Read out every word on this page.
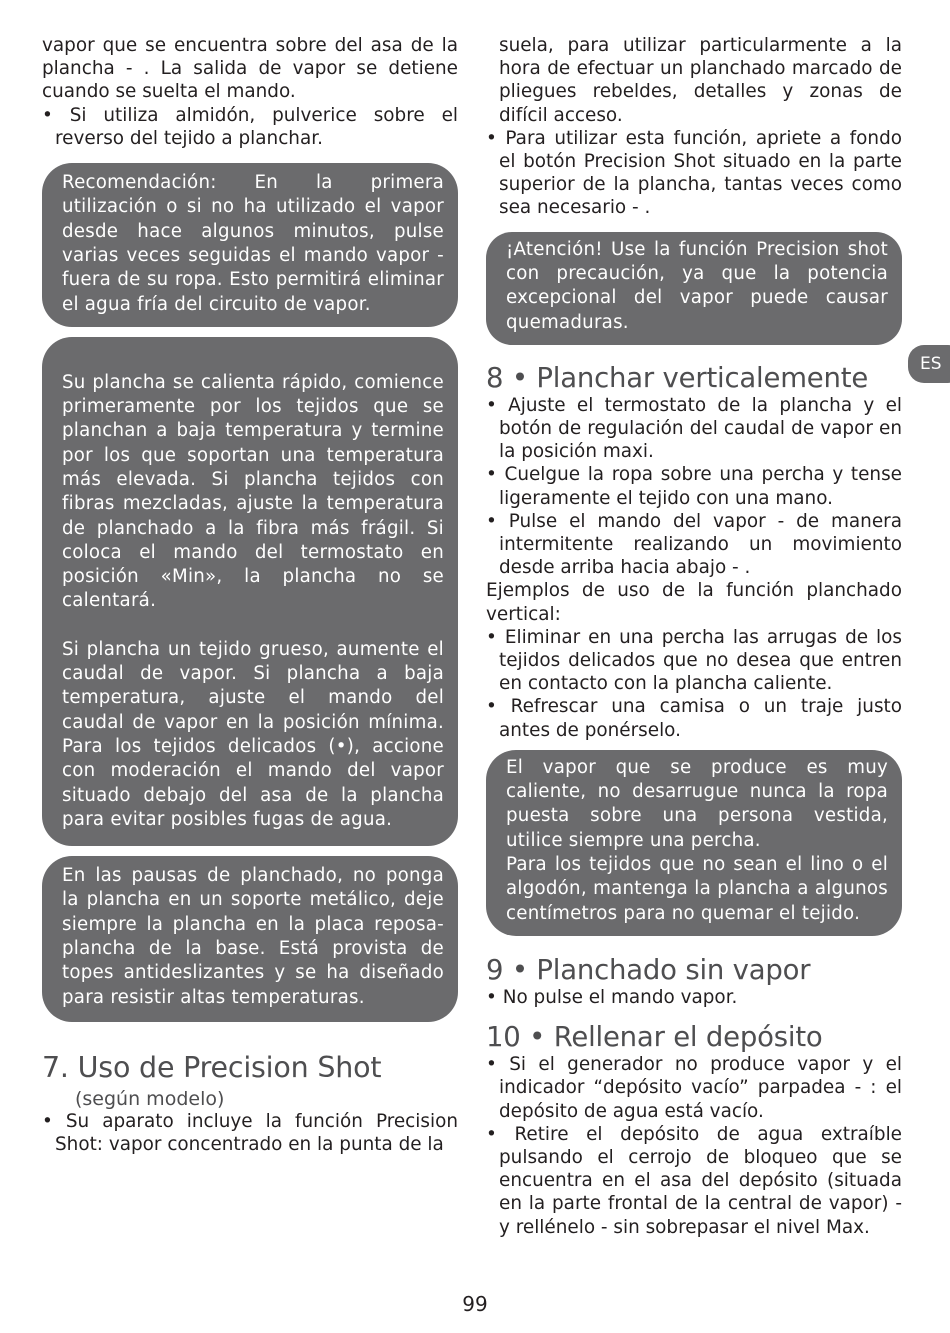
vapor que se encuentra sobre del asa de la plancha - . La salida de vapor se detiene cuando se suelta el mando.

• Si utiliza almidón, pulverice sobre el reverso del tejido a planchar.

Recomendación: En la primera utilización o si no ha utilizado el vapor desde hace algunos minutos, pulse varias veces seguidas el mando vapor - fuera de su ropa. Esto permitirá eliminar el agua fría del circuito de vapor.

Su plancha se calienta rápido, comience primeramente por los tejidos que se planchan a baja temperatura y termine por los que soportan una temperatura más elevada. Si plancha tejidos con fibras mezcladas, ajuste la temperatura de planchado a la fibra más frágil. Si coloca el mando del termostato en posición «Min», la plancha no se calentará.

Si plancha un tejido grueso, aumente el caudal de vapor. Si plancha a baja temperatura, ajuste el mando del caudal de vapor en la posición mínima. Para los tejidos delicados (•), accione con moderación el mando del vapor situado debajo del asa de la plancha para evitar posibles fugas de agua.

En las pausas de planchado, no ponga la plancha en un soporte metálico, deje siempre la plancha en la placa reposa-plancha de la base. Está provista de topes antideslizantes y se ha diseñado para resistir altas temperaturas.

7. Uso de Precision Shot
(según modelo)

• Su aparato incluye la función Precision Shot: vapor concentrado en la punta de la

suela, para utilizar particularmente a la hora de efectuar un planchado marcado de pliegues rebeldes, detalles y zonas de difícil acceso.

• Para utilizar esta función, apriete a fondo el botón Precision Shot situado en la parte superior de la plancha, tantas veces como sea necesario - .

¡Atención! Use la función Precision shot con precaución, ya que la potencia excepcional del vapor puede causar quemaduras.

8 • Planchar verticalemente

• Ajuste el termostato de la plancha y el botón de regulación del caudal de vapor en la posición maxi.

• Cuelgue la ropa sobre una percha y tense ligeramente el tejido con una mano.

• Pulse el mando del vapor - de manera intermitente realizando un movimiento desde arriba hacia abajo - .

Ejemplos de uso de la función planchado vertical:

• Eliminar en una percha las arrugas de los tejidos delicados que no desea que entren en contacto con la plancha caliente.

• Refrescar una camisa o un traje justo antes de ponérselo.

El vapor que se produce es muy caliente, no desarrugue nunca la ropa puesta sobre una persona vestida, utilice siempre una percha.

Para los tejidos que no sean el lino o el algodón, mantenga la plancha a algunos centímetros para no quemar el tejido.

9 • Planchado sin vapor

• No pulse el mando vapor.

10 • Rellenar el depósito

• Si el generador no produce vapor y el indicador “depósito vacío” parpadea - : el depósito de agua está vacío.

• Retire el depósito de agua extraíble pulsando el cerrojo de bloqueo que se encuentra en el asa del depósito (situada en la parte frontal de la central de vapor) - y rellénelo - sin sobrepasar el nivel Max.

ES
99
